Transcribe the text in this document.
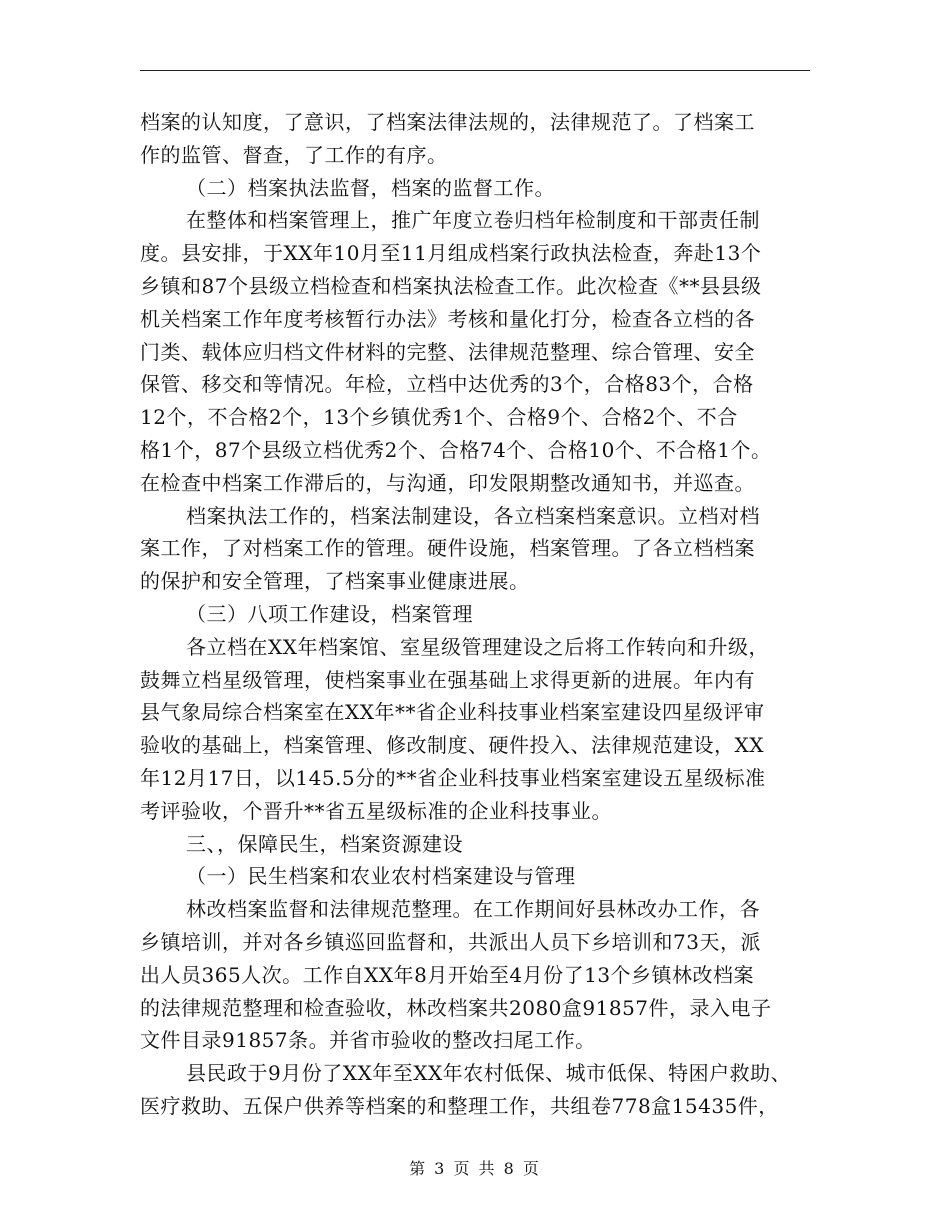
档案的认知度，了意识，了档案法律法规的，法律规范了。了档案工
作的监管、督查，了工作的有序。
（二）档案执法监督，档案的监督工作。
在整体和档案管理上，推广年度立卷归档年检制度和干部责任制
度。县安排，于XX年10月至11月组成档案行政执法检查，奔赴13个
乡镇和87个县级立档检查和档案执法检查工作。此次检查《**县县级
机关档案工作年度考核暂行办法》考核和量化打分，检查各立档的各
门类、载体应归档文件材料的完整、法律规范整理、综合管理、安全
保管、移交和等情况。年检，立档中达优秀的3个，合格83个，合格
12个，不合格2个，13个乡镇优秀1个、合格9个、合格2个、不合
格1个，87个县级立档优秀2个、合格74个、合格10个、不合格1个。
在检查中档案工作滞后的，与沟通，印发限期整改通知书，并巡查。
档案执法工作的，档案法制建设，各立档案档案意识。立档对档
案工作，了对档案工作的管理。硬件设施，档案管理。了各立档档案
的保护和安全管理，了档案事业健康进展。
（三）八项工作建设，档案管理
各立档在XX年档案馆、室星级管理建设之后将工作转向和升级，
鼓舞立档星级管理，使档案事业在强基础上求得更新的进展。年内有
县气象局综合档案室在XX年**省企业科技事业档案室建设四星级评审
验收的基础上，档案管理、修改制度、硬件投入、法律规范建设，XX
年12月17日，以145.5分的**省企业科技事业档案室建设五星级标准
考评验收，个晋升**省五星级标准的企业科技事业。
三、，保障民生，档案资源建设
（一）民生档案和农业农村档案建设与管理
林改档案监督和法律规范整理。在工作期间好县林改办工作，各
乡镇培训，并对各乡镇巡回监督和，共派出人员下乡培训和73天，派
出人员365人次。工作自XX年8月开始至4月份了13个乡镇林改档案
的法律规范整理和检查验收，林改档案共2080盒91857件，录入电子
文件目录91857条。并省市验收的整改扫尾工作。
县民政于9月份了XX年至XX年农村低保、城市低保、特困户救助、
医疗救助、五保户供养等档案的和整理工作，共组卷778盒15435件，
第 3 页 共 8 页
